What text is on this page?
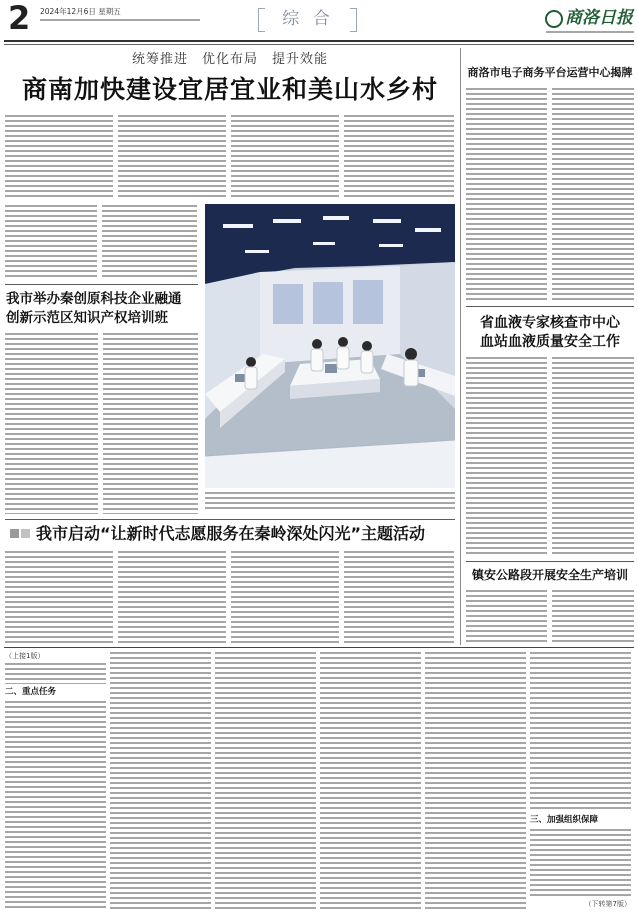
2 2024年12月6日 星期五	综 合	商洛日报
统筹推进　优化布局　提升效能
商南加快建设宜居宜业和美山水乡村
我市举办秦创原科技企业融通
创新示范区知识产权培训班
我市启动“让新时代志愿服务在秦岭深处闪光”主题活动
商洛市电子商务平台运营中心揭牌
省血液专家核查市中心
血站血液质量安全工作
镇安公路段开展安全生产培训
（上接1版）
二、重点任务
三、加强组织保障
（下转第7版）
